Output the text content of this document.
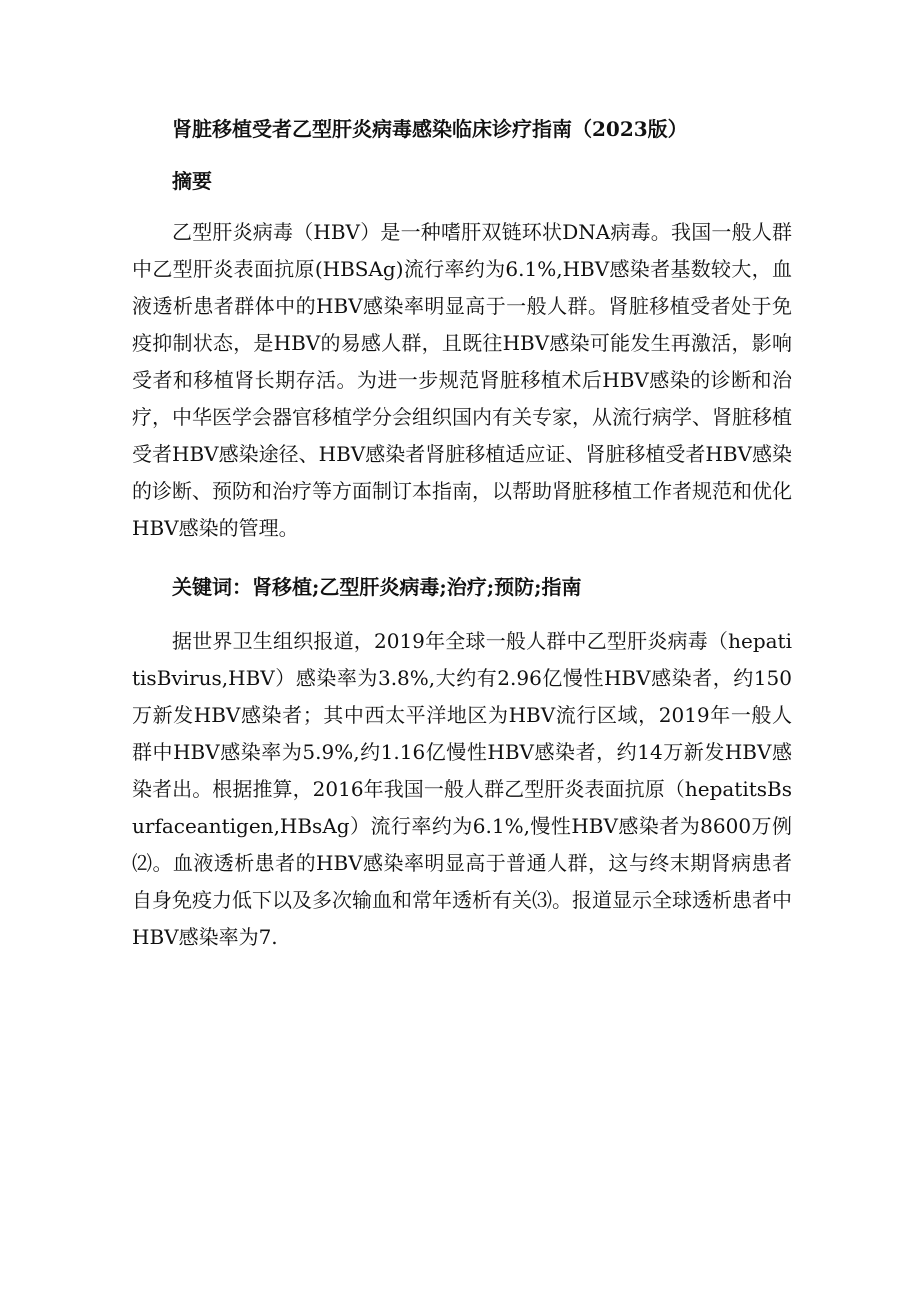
肾脏移植受者乙型肝炎病毒感染临床诊疗指南（2023版）
摘要

乙型肝炎病毒（HBV）是一种嗜肝双链环状DNA病毒。我国一般人群中乙型肝炎表面抗原(HBSAg)流行率约为6.1%,HBV感染者基数较大，血液透析患者群体中的HBV感染率明显高于一般人群。肾脏移植受者处于免疫抑制状态，是HBV的易感人群，且既往HBV感染可能发生再激活，影响受者和移植肾长期存活。为进一步规范肾脏移植术后HBV感染的诊断和治疗，中华医学会器官移植学分会组织国内有关专家，从流行病学、肾脏移植受者HBV感染途径、HBV感染者肾脏移植适应证、肾脏移植受者HBV感染的诊断、预防和治疗等方面制订本指南，以帮助肾脏移植工作者规范和优化HBV感染的管理。

关键词：肾移植;乙型肝炎病毒;治疗;预防;指南

据世界卫生组织报道，2019年全球一般人群中乙型肝炎病毒（hepatitisBvirus,HBV）感染率为3.8%,大约有2.96亿慢性HBV感染者，约150万新发HBV感染者；其中西太平洋地区为HBV流行区域，2019年一般人群中HBV感染率为5.9%,约1.16亿慢性HBV感染者，约14万新发HBV感染者出。根据推算，2016年我国一般人群乙型肝炎表面抗原（hepatitsBsurfaceantigen,HBsAg）流行率约为6.1%,慢性HBV感染者为8600万例⑵。血液透析患者的HBV感染率明显高于普通人群，这与终末期肾病患者自身免疫力低下以及多次输血和常年透析有关⑶。报道显示全球透析患者中HBV感染率为7.
